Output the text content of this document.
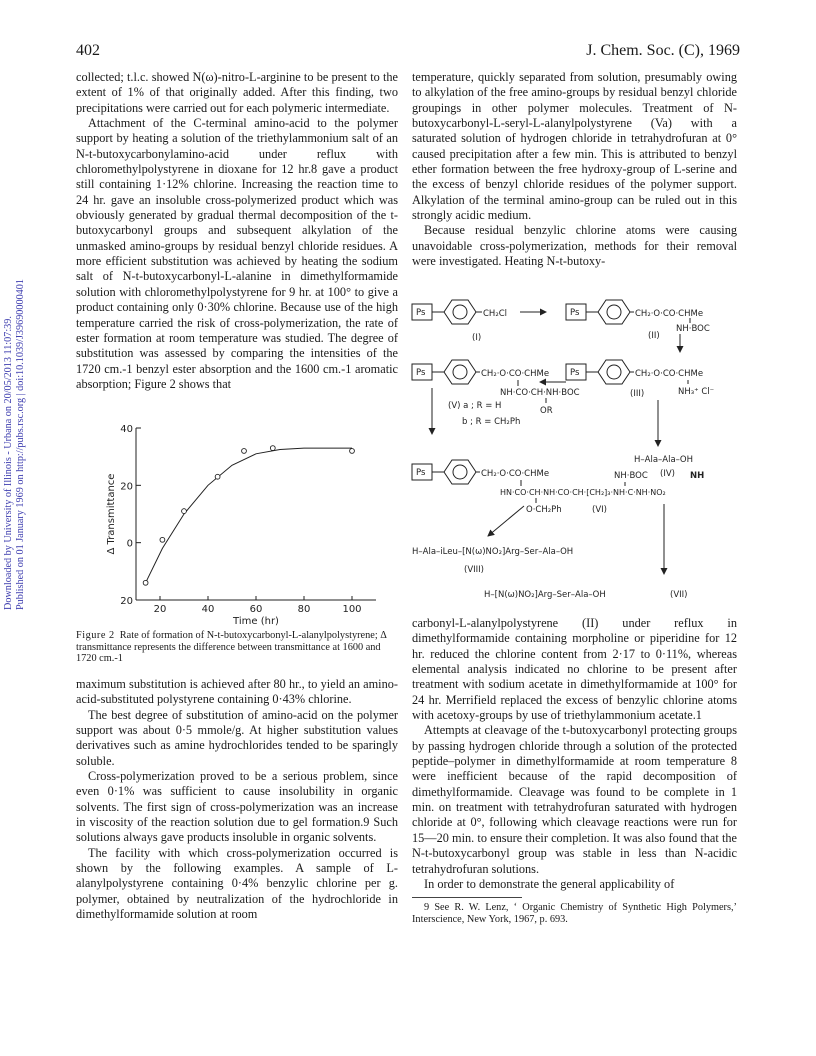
Downloaded by University of Illinois - Urbana on 20/05/2013 11:07:39. Published on 01 January 1969 on http://pubs.rsc.org | doi:10.1039/J39690000401
402	J. Chem. Soc. (C), 1969

collected; t.l.c. showed N(ω)-nitro-L-arginine to be present to the extent of 1% of that originally added. After this finding, two precipitations were carried out for each polymeric intermediate.

Attachment of the C-terminal amino-acid to the polymer support by heating a solution of the triethylammonium salt of an N-t-butoxycarbonylamino-acid under reflux with chloromethylpolystyrene in dioxane for 12 hr.8 gave a product still containing 1·12% chlorine. Increasing the reaction time to 24 hr. gave an insoluble cross-polymerized product which was obviously generated by gradual thermal decomposition of the t-butoxycarbonyl groups and subsequent alkylation of the unmasked amino-groups by residual benzyl chloride residues. A more efficient substitution was achieved by heating the sodium salt of N-t-butoxycarbonyl-L-alanine in dimethylformamide solution with chloromethylpolystyrene for 9 hr. at 100° to give a product containing only 0·30% chlorine. Because use of the high temperature carried the risk of cross-polymerization, the rate of ester formation at room temperature was studied. The degree of substitution was assessed by comparing the intensities of the 1720 cm.-1 benzyl ester absorption and the 1600 cm.-1 aromatic absorption; Figure 2 shows that

40
20
0
20
20	40	60	80	100
Time (hr)
Δ Transmittance
Figure 2 Rate of formation of N-t-butoxycarbonyl-L-alanylpolystyrene; Δ transmittance represents the difference between transmittance at 1600 and 1720 cm.-1

maximum substitution is achieved after 80 hr., to yield an amino-acid-substituted polystyrene containing 0·43% chlorine.

The best degree of substitution of amino-acid on the polymer support was about 0·5 mmole/g. At higher substitution values derivatives such as amine hydrochlorides tended to be sparingly soluble.

Cross-polymerization proved to be a serious problem, since even 0·1% was sufficient to cause insolubility in organic solvents. The first sign of cross-polymerization was an increase in viscosity of the reaction solution due to gel formation.9 Such solutions always gave products insoluble in organic solvents.

The facility with which cross-polymerization occurred is shown by the following examples. A sample of L-alanylpolystyrene containing 0·4% benzylic chlorine per g. polymer, obtained by neutralization of the hydrochloride in dimethylformamide solution at room

temperature, quickly separated from solution, presumably owing to alkylation of the free amino-groups by residual benzyl chloride groupings in other polymer molecules. Treatment of N-butoxycarbonyl-L-seryl-L-alanylpolystyrene (Va) with a saturated solution of hydrogen chloride in tetrahydrofuran at 0° caused precipitation after a few min. This is attributed to benzyl ether formation between the free hydroxy-group of L-serine and the excess of benzyl chloride residues of the polymer support. Alkylation of the terminal amino-group can be ruled out in this strongly acidic medium.

Because residual benzylic chlorine atoms were causing unavoidable cross-polymerization, methods for their removal were investigated. Heating N-t-butoxy-

Ps	CH₂Cl
(I)
Ps	CH₂·O·CO·CHMe
NH·BOC
(II)
Ps	CH₂·O·CO·CHMe
NH·CO·CH·NH·BOC
OR
(V) a ; R = H
b ; R = CH₂Ph
Ps	CH₂·O·CO·CHMe
NH₃⁺ Cl⁻
(III)
H–Ala–Ala–OH
(IV)
Ps	CH₂·O·CO·CHMe	NH·BOC	NH
HN·CO·CH·NH·CO·CH·[CH₂]₃·NH·C·NH·NO₂
O·CH₂Ph	(VI)
H–Ala–iLeu–[N(ω)NO₂]Arg–Ser–Ala–OH
(VIII)
H–[N(ω)NO₂]Arg–Ser–Ala–OH	(VII)

carbonyl-L-alanylpolystyrene (II) under reflux in dimethylformamide containing morpholine or piperidine for 12 hr. reduced the chlorine content from 2·17 to 0·11%, whereas elemental analysis indicated no chlorine to be present after treatment with sodium acetate in dimethylformamide at 100° for 24 hr. Merrifield replaced the excess of benzylic chlorine atoms with acetoxy-groups by use of triethylammonium acetate.1

Attempts at cleavage of the t-butoxycarbonyl protecting groups by passing hydrogen chloride through a solution of the protected peptide–polymer in dimethylformamide at room temperature 8 were inefficient because of the rapid decomposition of dimethylformamide. Cleavage was found to be complete in 1 min. on treatment with tetrahydrofuran saturated with hydrogen chloride at 0°, following which cleavage reactions were run for 15—20 min. to ensure their completion. It was also found that the N-t-butoxycarbonyl group was stable in less than N-acidic tetrahydrofuran solutions.

In order to demonstrate the general applicability of

9 See R. W. Lenz, ‘ Organic Chemistry of Synthetic High Polymers,’ Interscience, New York, 1967, p. 693.
